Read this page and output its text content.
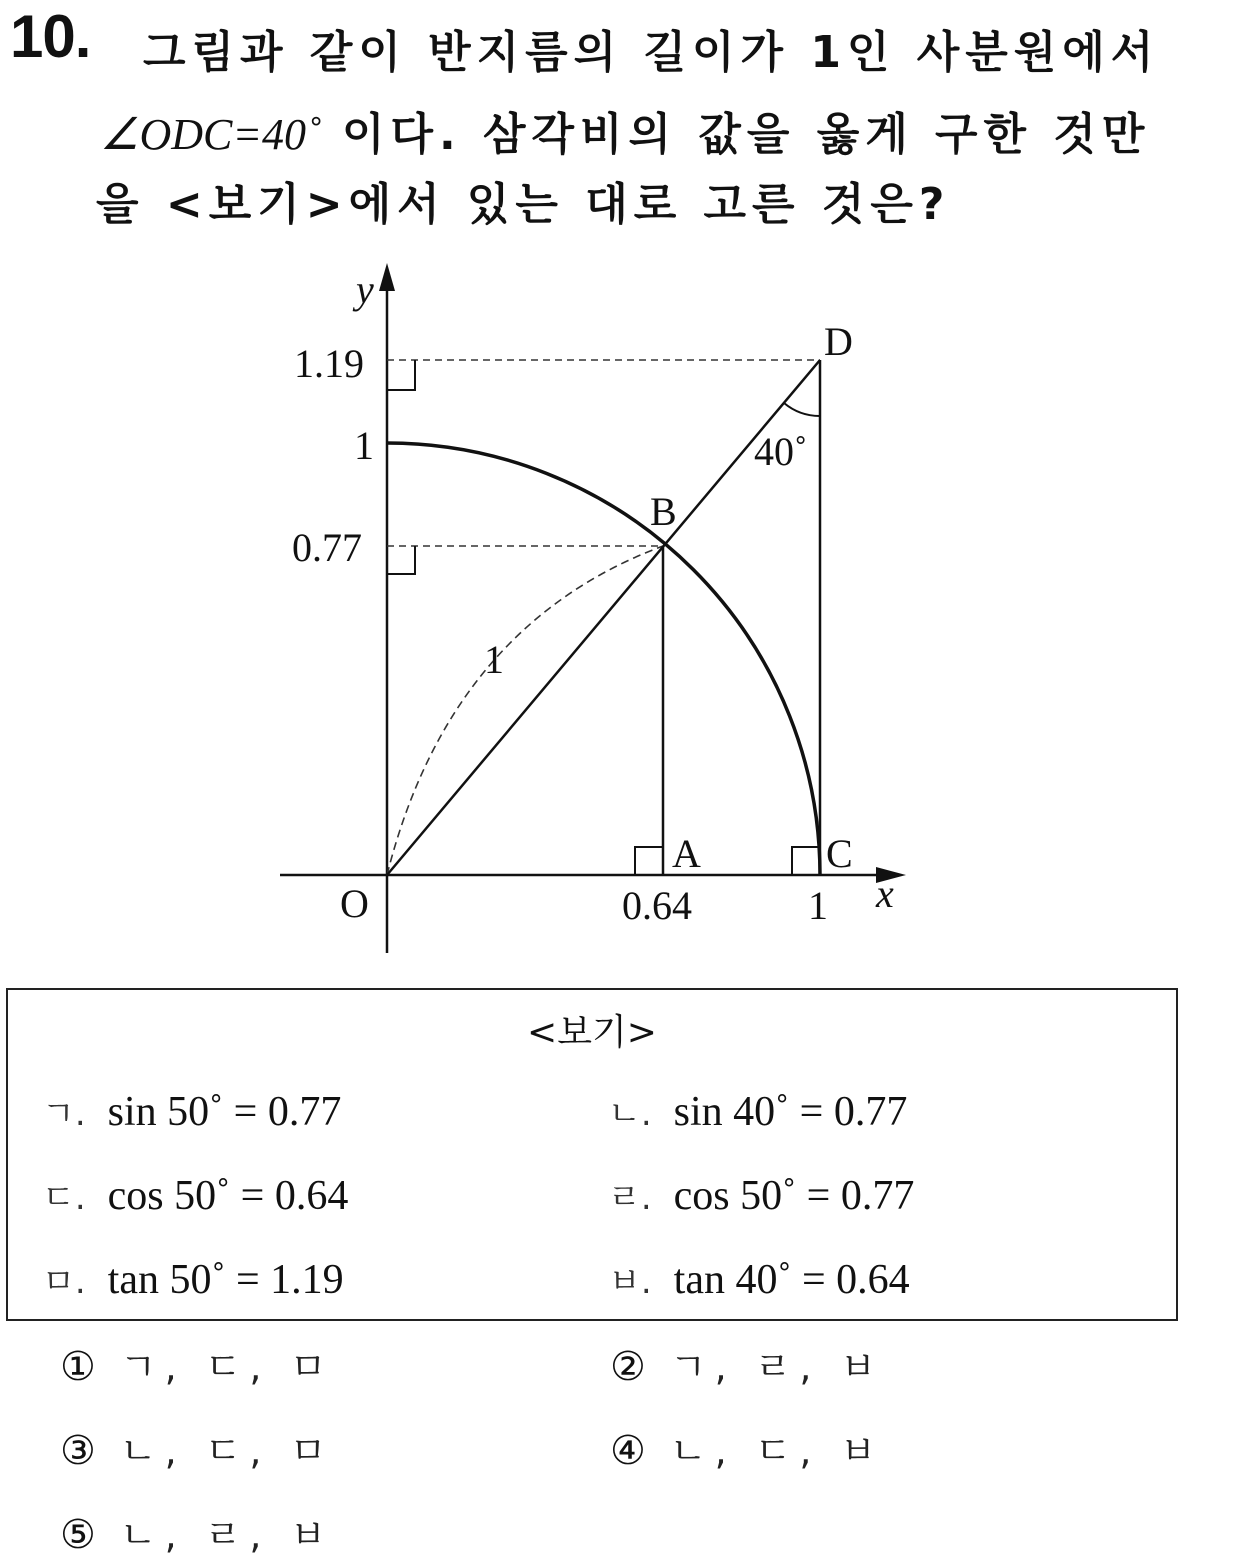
10. 그림과 같이 반지름의 길이가 1인 사분원에서
∠ODC=40˚ 이다. 삼각비의 값을 옳게 구한 것만
을 <보기>에서 있는 대로 고른 것은?
y
x
O
A
B
C
D
1.19
1
0.77
0.64	1
40˚
1
<보기>
ㄱ. sin 50˚ = 0.77	ㄴ. sin 40˚ = 0.77
ㄷ. cos 50˚ = 0.64	ㄹ. cos 50˚ = 0.77
ㅁ. tan 50˚ = 1.19	ㅂ. tan 40˚ = 0.64
① ㄱ, ㄷ, ㅁ	② ㄱ, ㄹ, ㅂ
③ ㄴ, ㄷ, ㅁ	④ ㄴ, ㄷ, ㅂ
⑤ ㄴ, ㄹ, ㅂ
